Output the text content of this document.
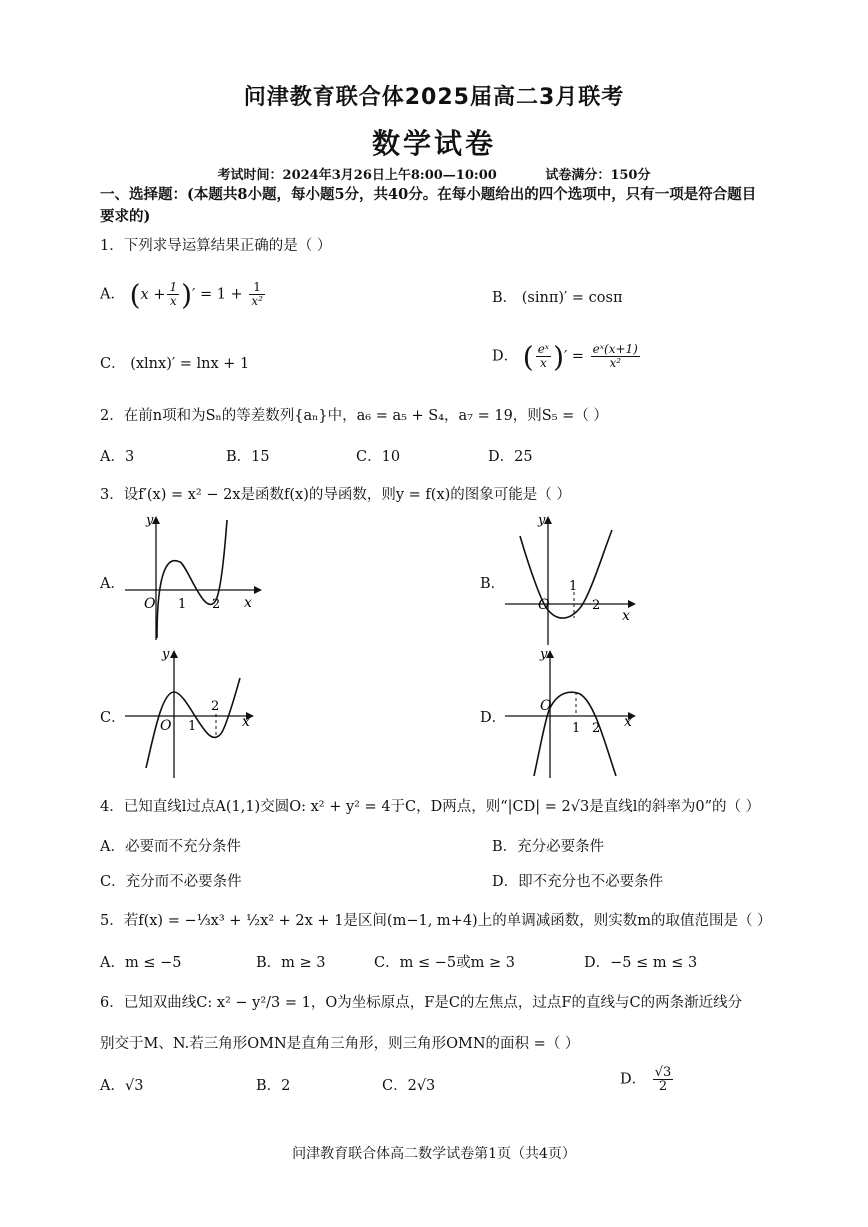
问津教育联合体2025届高二3月联考
数学试卷
考试时间：2024年3月26日上午8:00—10:00	试卷满分：150分
一、选择题：(本题共8小题，每小题5分，共40分。在每小题给出的四个选项中，只有一项是符合题目要求的)
1．下列求导运算结果正确的是（ ）
A． ($x + \frac{1}{x}$ )′ = $1 + \frac{1}{\text{x²}}$	B． (sinπ)′ = cosπ
C． (xlnx)′ = lnx + 1	D． ( $\frac{\text{eˣ}}{x}$ )′ = $\frac{\text{eˣ(x+1)}}{\text{x²}}$
2．在前n项和为Sₙ的等差数列{aₙ}中，a₆ = a₅ + S₄，a₇ = 19，则S₅ =（ ）
A．3	B．15	C．10	D．25
3．设f′(x) = x² − 2x是函数f(x)的导函数，则y = f(x)的图象可能是（ ）
A．
y
x
O 1 2
B．
y
x
O
1
2
C．
y
x
O 1
2
D．
y
x
O
1 2
4．已知直线l过点A(1,1)交圆O: x² + y² = 4于C，D两点，则“|CD| = 2√3是直线l的斜率为0”的（ ）
A．必要而不充分条件	B．充分必要条件
C．充分而不必要条件	D．即不充分也不必要条件
5．若f(x) = −⅓x³ + ½x² + 2x + 1是区间(m−1, m+4)上的单调减函数，则实数m的取值范围是（ ）
A．m ≤ −5	B．m ≥ 3	C．m ≤ −5或m ≥ 3	D．−5 ≤ m ≤ 3
6．已知双曲线C: x² − y²/3 = 1，O为坐标原点，F是C的左焦点，过点F的直线与C的两条渐近线分
别交于M、N.若三角形OMN是直角三角形，则三角形OMN的面积 =（ ）
A．√3	B．2	C．2√3	D． $\frac{√3}{2}$
问津教育联合体高二数学试卷第1页（共4页）
